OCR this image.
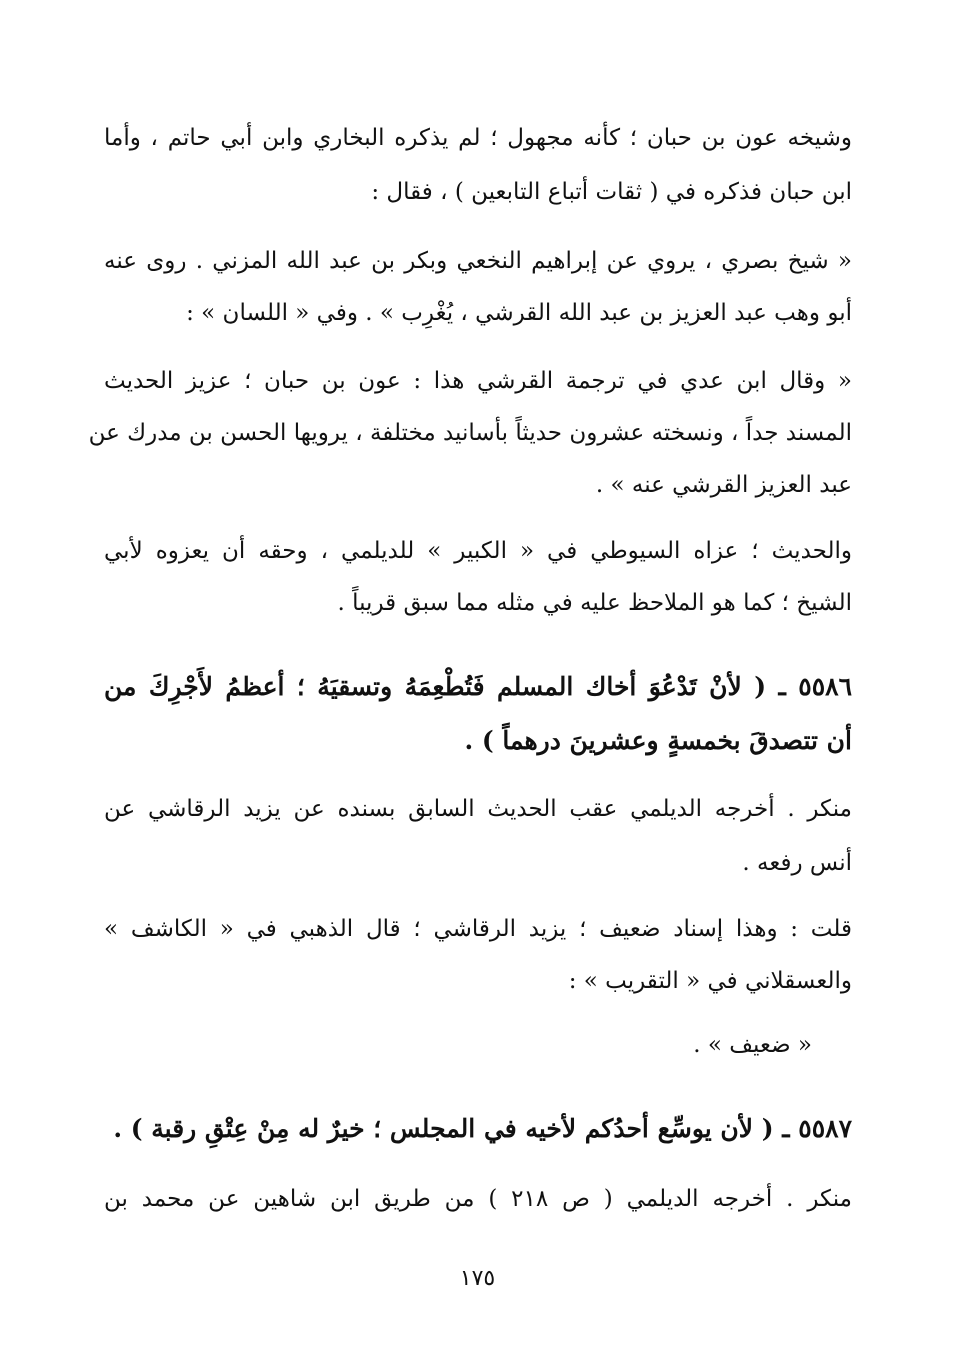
وشيخه عون بن حبان ؛ كأنه مجهول ؛ لم يذكره البخاري وابن أبي حاتم ، وأما
ابن حبان فذكره في ( ثقات أتباع التابعين ) ، فقال :
« شيخ بصري ، يروي عن إبراهيم النخعي وبكر بن عبد الله المزني . روى عنه
أبو وهب عبد العزيز بن عبد الله القرشي ، يُغْرِب » . وفي « اللسان » :
« وقال ابن عدي في ترجمة القرشي هذا : عون بن حبان ؛ عزيز الحديث
المسند جداً ، ونسخته عشرون حديثاً بأسانيد مختلفة ، يرويها الحسن بن مدرك عن
عبد العزيز القرشي عنه » .
والحديث ؛ عزاه السيوطي في « الكبير » للديلمي ، وحقه أن يعزوه لأبي
الشيخ ؛ كما هو الملاحظ عليه في مثله مما سبق قريباً .
٥٥٨٦ ـ ( لأنْ تَدْعُوَ أخاك المسلم فَتُطْعِمَهُ وتسقيَهُ ؛ أعظمُ لأَجْرِكَ من
أن تتصدقَ بخمسةٍ وعشرينَ درهماً ) .
منكر . أخرجه الديلمي عقب الحديث السابق بسنده عن يزيد الرقاشي عن
أنس رفعه .
قلت : وهذا إسناد ضعيف ؛ يزيد الرقاشي ؛ قال الذهبي في « الكاشف »
والعسقلاني في « التقريب » :
« ضعيف » .
٥٥٨٧ ـ ( لأن يوسِّع أحدُكم لأخيه في المجلس ؛ خيرٌ له مِنْ عِتْقِ رقبة ) .
منكر . أخرجه الديلمي ( ص ٢١٨ ) من طريق ابن شاهين عن محمد بن
١٧٥
